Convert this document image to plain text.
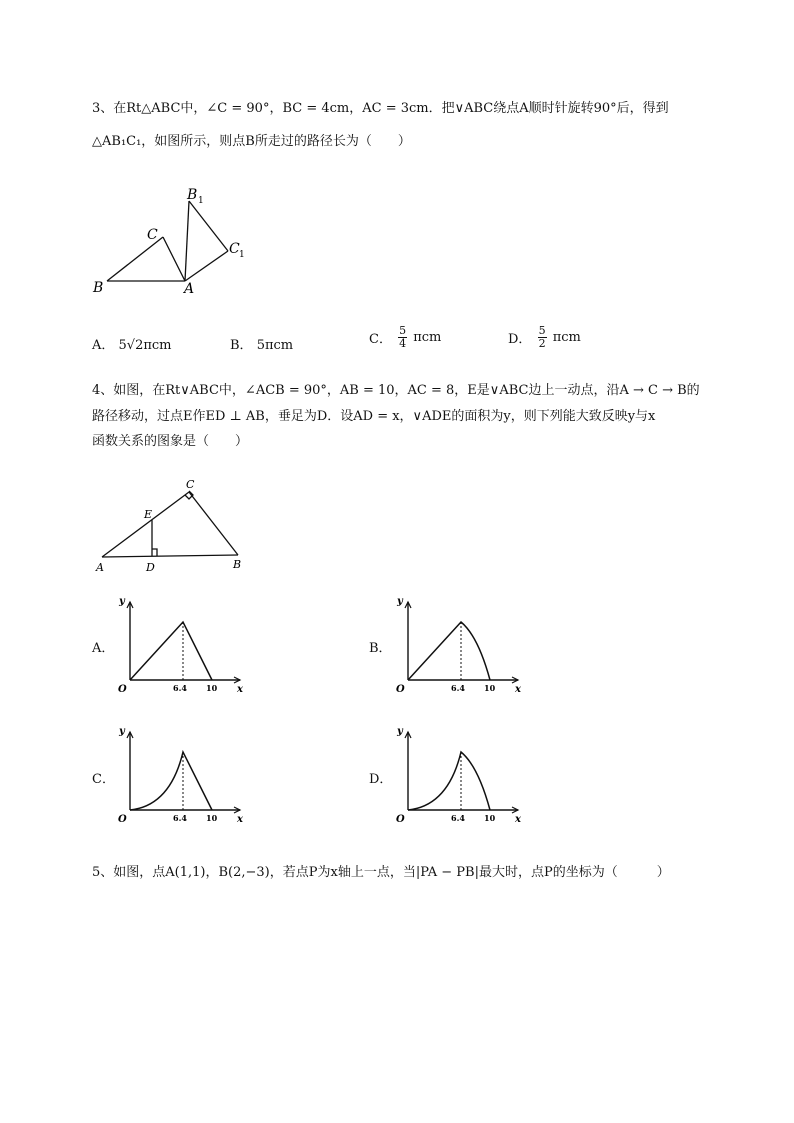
3、在Rt△ABC中，∠C = 90°，BC = 4cm，AC = 3cm．把∨ABC绕点A顺时针旋转90°后，得到
△AB₁C₁，如图所示，则点B所走过的路径长为（　　）
B	A
C
B 1
C 1
A． 5√2πcm	B． 5πcm	C． $\frac{5}{4}$ πcm	D． $\frac{5}{2}$ πcm
4、如图，在Rt∨ABC中，∠ACB = 90°，AB = 10，AC = 8，E是∨ABC边上一动点，沿A → C → B的
路径移动，过点E作ED ⊥ AB，垂足为D．设AD = x，∨ADE的面积为y，则下列能大致反映y与x
函数关系的图象是（　　）
A	B
C
D
E
A．	B．
C．	D．
y
x
O	6.4 10
y
x
O	6.4 10
y
x
O	6.4 10
y
x
O	6.4 10
5、如图，点A(1,1)，B(2,−3)，若点P为x轴上一点，当|PA − PB|最大时，点P的坐标为（　　　）
